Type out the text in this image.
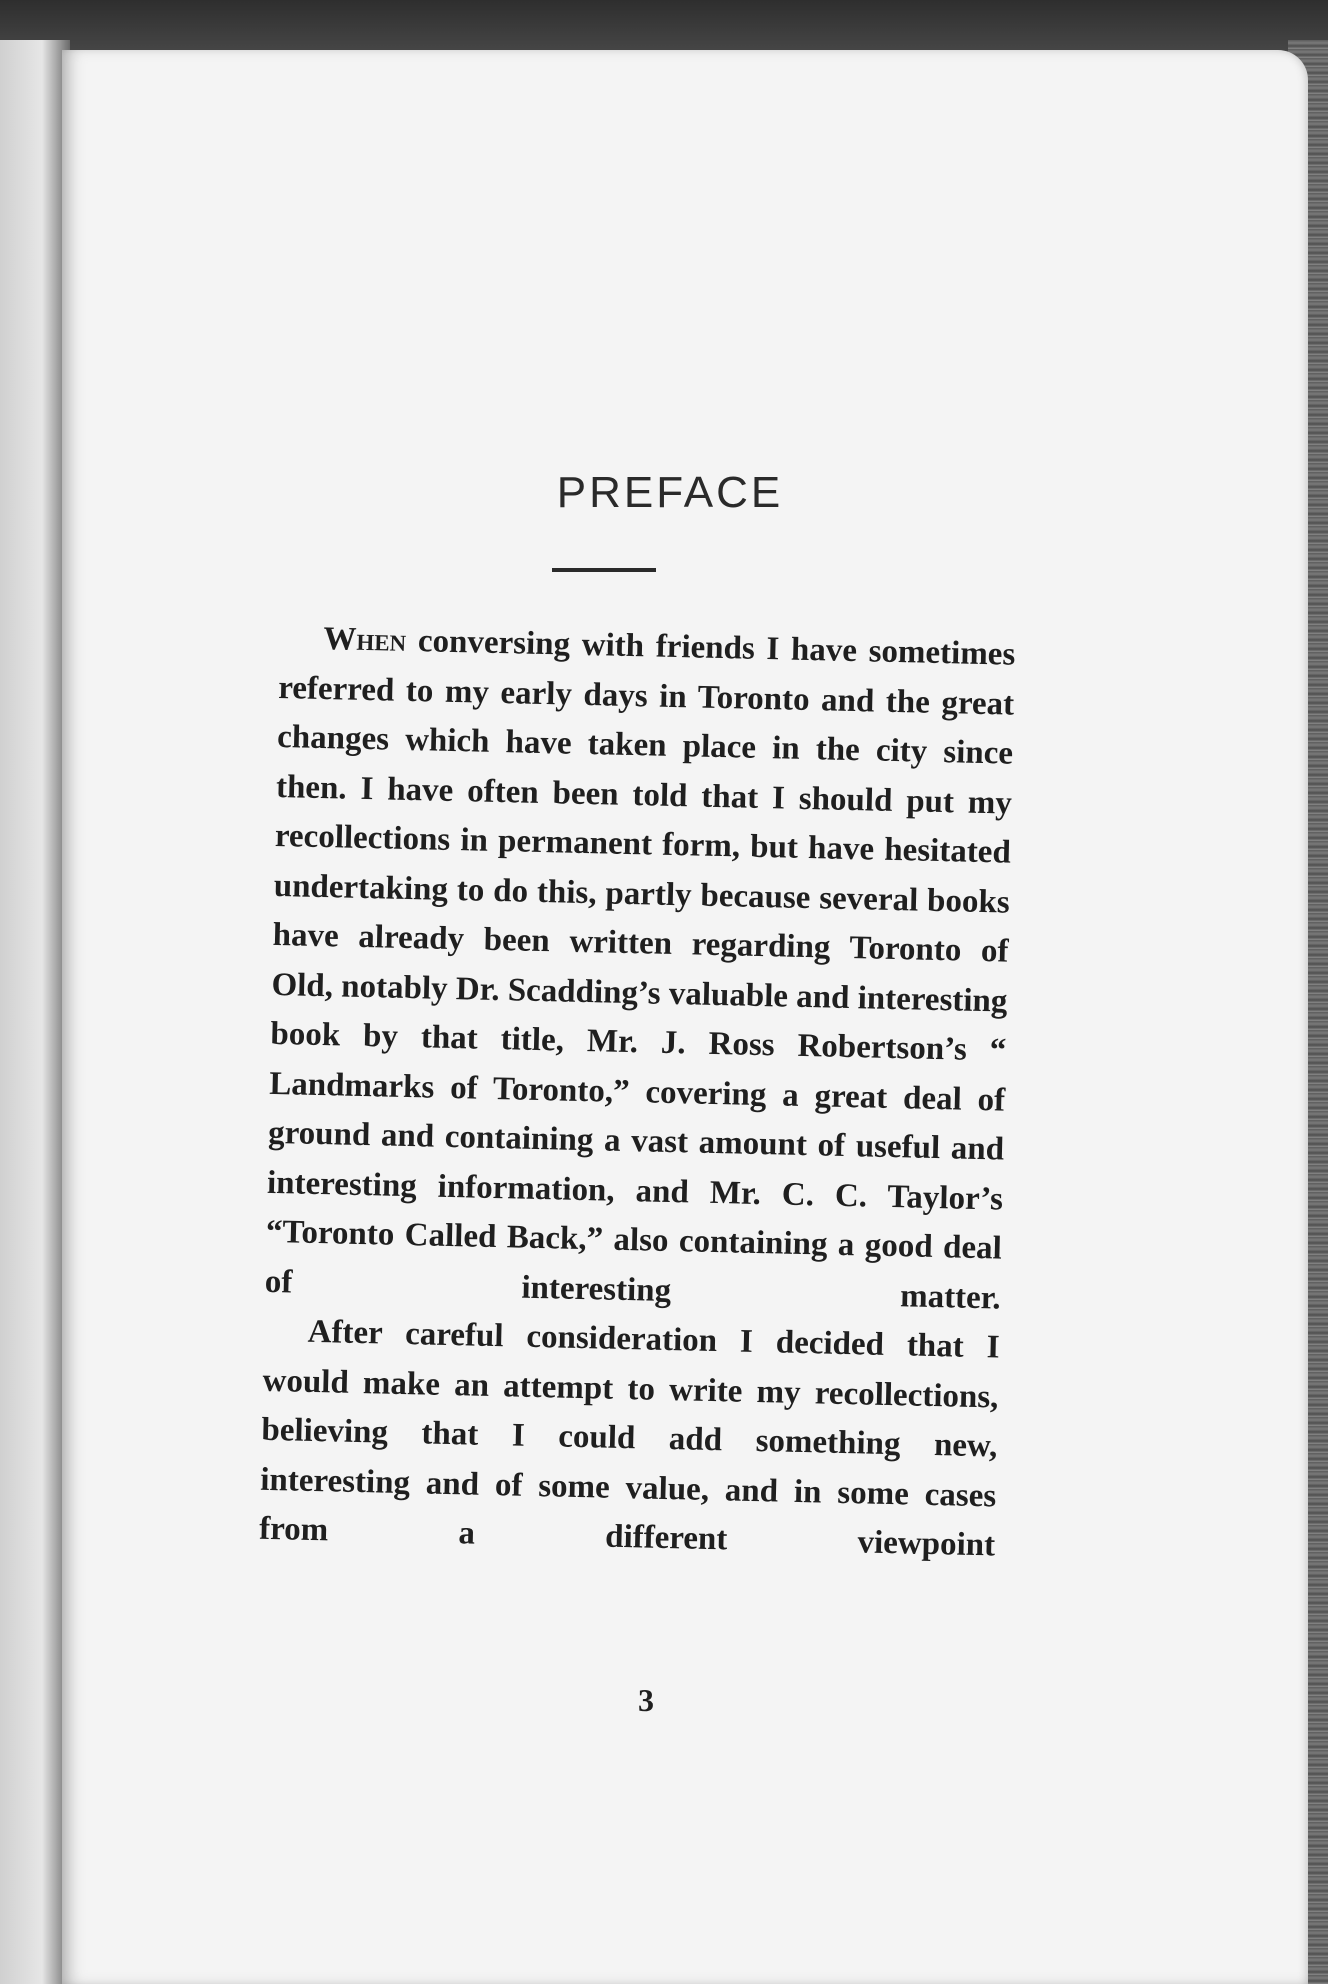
PREFACE

When conversing with friends I have sometimes referred to my early days in Toronto and the great changes which have taken place in the city since then. I have often been told that I should put my recollections in permanent form, but have hesitated undertaking to do this, partly because several books have already been written regarding Toronto of Old, notably Dr. Scadding’s valuable and interesting book by that title, Mr. J. Ross Robertson’s “ Landmarks of Toronto,” covering a great deal of ground and containing a vast amount of useful and interesting information, and Mr. C. C. Taylor’s “Toronto Called Back,” also containing a good deal of interesting matter.

After careful consideration I decided that I would make an attempt to write my recollections, believing that I could add something new, interesting and of some value, and in some cases from a different viewpoint

3
